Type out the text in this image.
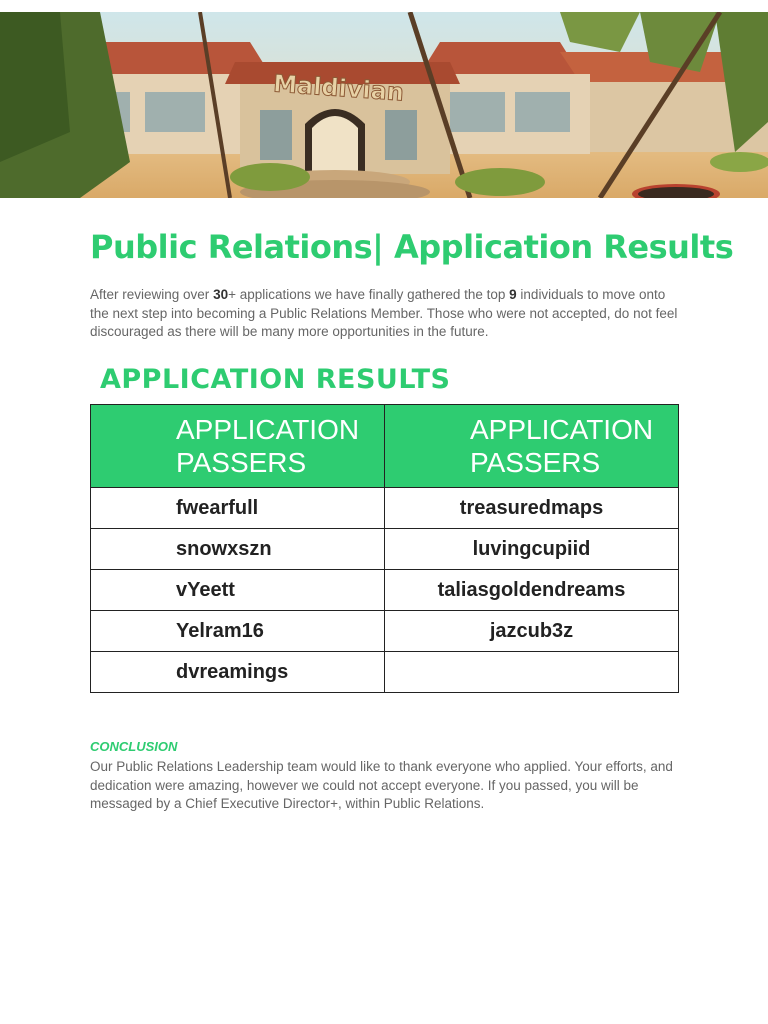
Maldivian
Public Relations| Application Results

After reviewing over 30+ applications we have finally gathered the top 9 individuals to move onto the next step into becoming a Public Relations Member. Those who were not accepted, do not feel discouraged as there will be many more opportunities in the future.

APPLICATION RESULTS
APPLICATION PASSERS	APPLICATION PASSERS
fwearfull	treasuredmaps
snowxszn	luvingcupiid
vYeett	taliasgoldendreams
Yelram16	jazcub3z
dvreamings	
CONCLUSION

Our Public Relations Leadership team would like to thank everyone who applied. Your efforts, and dedication were amazing, however we could not accept everyone. If you passed, you will be messaged by a Chief Executive Director+, within Public Relations.
